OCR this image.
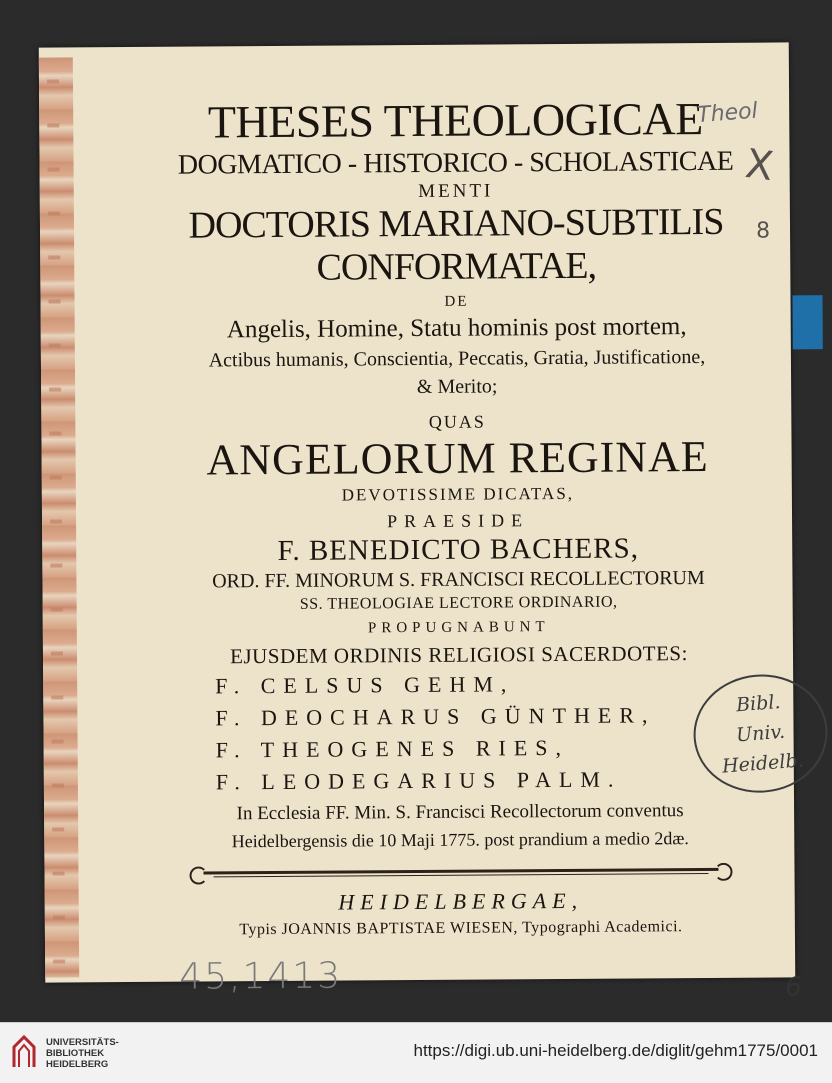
THESES THEOLOGICAE

DOGMATICO - HISTORICO - SCHOLASTICAE

MENTI

DOCTORIS MARIANO-SUBTILIS

CONFORMATAE,

DE

Angelis, Homine, Statu hominis post mortem,

Actibus humanis, Conscientia, Peccatis, Gratia, Justificatione,

& Merito;

QUAS

ANGELORUM REGINAE

DEVOTISSIME DICATAS,

PRAESIDE

F. BENEDICTO BACHERS,

ORD. FF. MINORUM S. FRANCISCI RECOLLECTORUM

SS. THEOLOGIAE LECTORE ORDINARIO,

PROPUGNABUNT

EJUSDEM ORDINIS RELIGIOSI SACERDOTES:

F. CELSUS GEHM,

F. DEOCHARUS GÜNTHER,

F. THEOGENES RIES,

F. LEODEGARIUS PALM.

In Ecclesia FF. Min. S. Francisci Recollectorum conventus

Heidelbergensis die 10 Maji 1775. post prandium a medio 2dæ.

HEIDELBERGAE,

Typis JOANNIS BAPTISTAE WIESEN, Typographi Academici.

Theol
X
8
45,1413	6
Bibl.
Univ.
Heidelb.
UNIVERSITÄTS-
BIBLIOTHEK
HEIDELBERG
https://digi.ub.uni-heidelberg.de/diglit/gehm1775/0001
